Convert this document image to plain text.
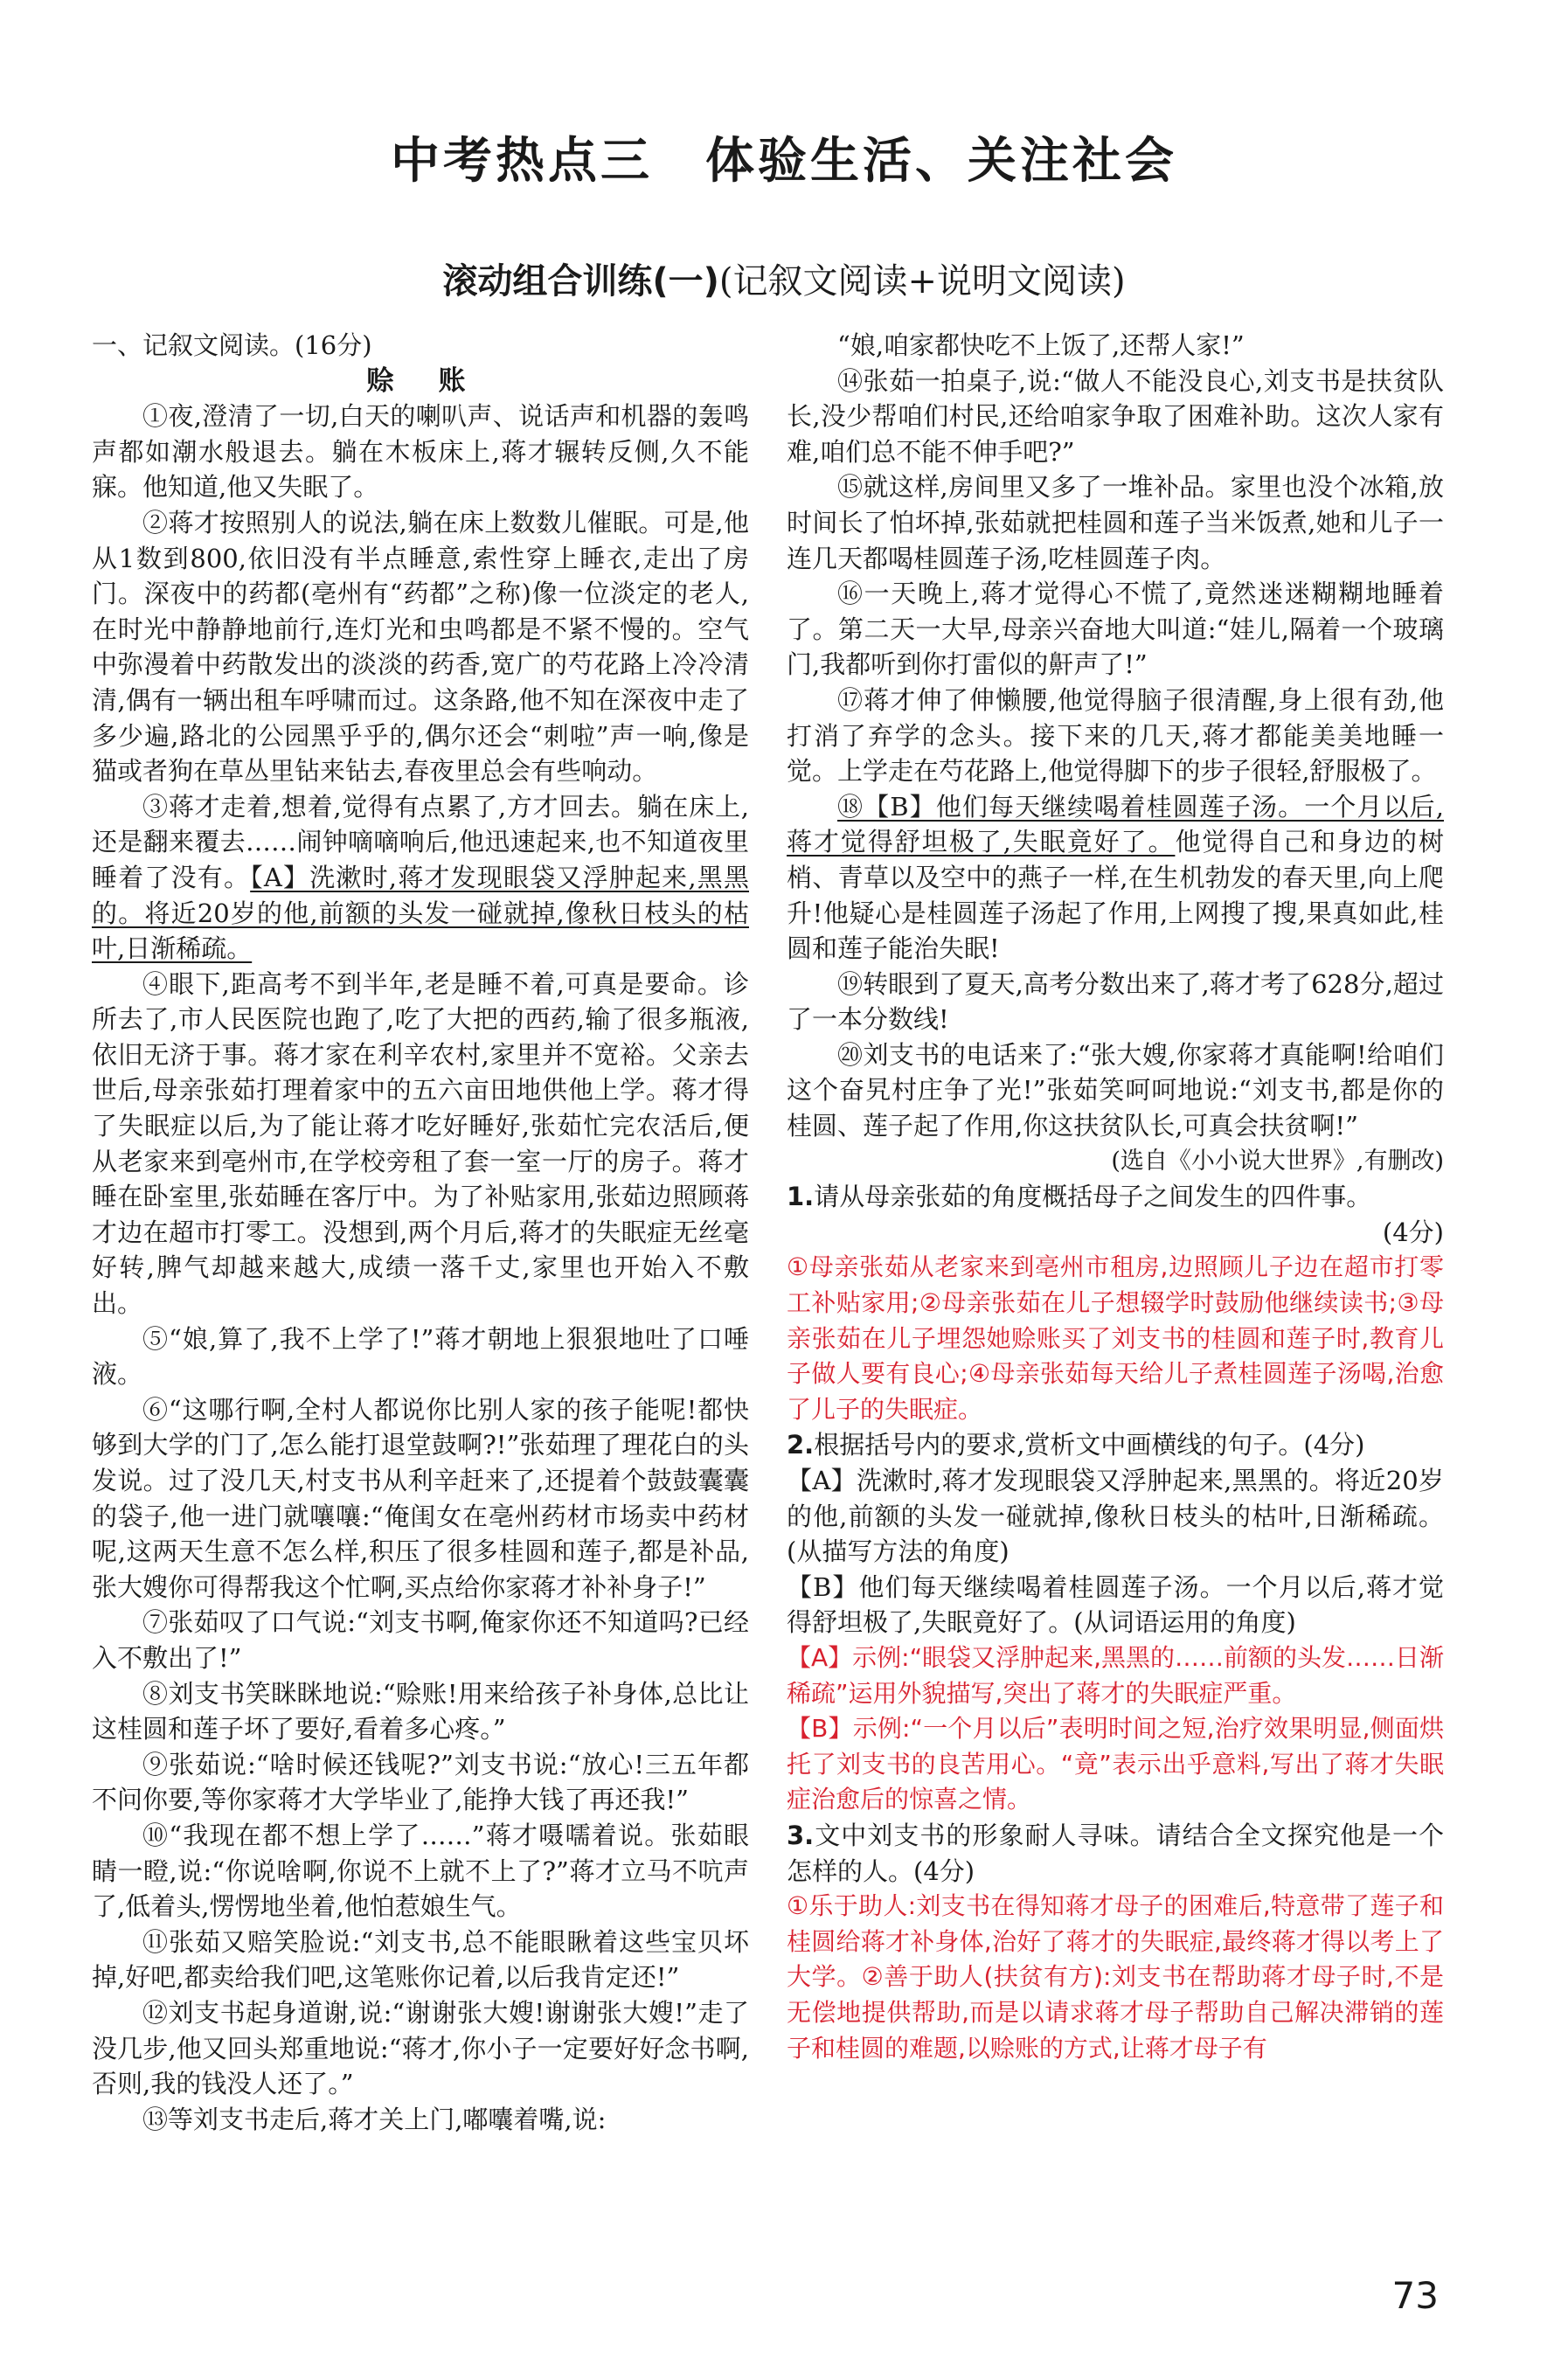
中考热点三　体验生活、关注社会

滚动组合训练(一)(记叙文阅读+说明文阅读)

一、记叙文阅读。(16分)

赊　账

①夜,澄清了一切,白天的喇叭声、说话声和机器的轰鸣声都如潮水般退去。躺在木板床上,蒋才辗转反侧,久不能寐。他知道,他又失眠了。

②蒋才按照别人的说法,躺在床上数数儿催眠。可是,他从1数到800,依旧没有半点睡意,索性穿上睡衣,走出了房门。深夜中的药都(亳州有“药都”之称)像一位淡定的老人,在时光中静静地前行,连灯光和虫鸣都是不紧不慢的。空气中弥漫着中药散发出的淡淡的药香,宽广的芍花路上冷冷清清,偶有一辆出租车呼啸而过。这条路,他不知在深夜中走了多少遍,路北的公园黑乎乎的,偶尔还会“刺啦”声一响,像是猫或者狗在草丛里钻来钻去,春夜里总会有些响动。

③蒋才走着,想着,觉得有点累了,方才回去。躺在床上,还是翻来覆去……闹钟嘀嘀响后,他迅速起来,也不知道夜里睡着了没有。【A】洗漱时,蒋才发现眼袋又浮肿起来,黑黑的。将近20岁的他,前额的头发一碰就掉,像秋日枝头的枯叶,日渐稀疏。

④眼下,距高考不到半年,老是睡不着,可真是要命。诊所去了,市人民医院也跑了,吃了大把的西药,输了很多瓶液,依旧无济于事。蒋才家在利辛农村,家里并不宽裕。父亲去世后,母亲张茹打理着家中的五六亩田地供他上学。蒋才得了失眠症以后,为了能让蒋才吃好睡好,张茹忙完农活后,便从老家来到亳州市,在学校旁租了套一室一厅的房子。蒋才睡在卧室里,张茹睡在客厅中。为了补贴家用,张茹边照顾蒋才边在超市打零工。没想到,两个月后,蒋才的失眠症无丝毫好转,脾气却越来越大,成绩一落千丈,家里也开始入不敷出。

⑤“娘,算了,我不上学了!”蒋才朝地上狠狠地吐了口唾液。

⑥“这哪行啊,全村人都说你比别人家的孩子能呢!都快够到大学的门了,怎么能打退堂鼓啊?!”张茹理了理花白的头发说。过了没几天,村支书从利辛赶来了,还提着个鼓鼓囊囊的袋子,他一进门就嚷嚷:“俺闺女在亳州药材市场卖中药材呢,这两天生意不怎么样,积压了很多桂圆和莲子,都是补品,张大嫂你可得帮我这个忙啊,买点给你家蒋才补补身子!”

⑦张茹叹了口气说:“刘支书啊,俺家你还不知道吗?已经入不敷出了!”

⑧刘支书笑眯眯地说:“赊账!用来给孩子补身体,总比让这桂圆和莲子坏了要好,看着多心疼。”

⑨张茹说:“啥时候还钱呢?”刘支书说:“放心!三五年都不问你要,等你家蒋才大学毕业了,能挣大钱了再还我!”

⑩“我现在都不想上学了……”蒋才嗫嚅着说。张茹眼睛一瞪,说:“你说啥啊,你说不上就不上了?”蒋才立马不吭声了,低着头,愣愣地坐着,他怕惹娘生气。

⑪张茹又赔笑脸说:“刘支书,总不能眼瞅着这些宝贝坏掉,好吧,都卖给我们吧,这笔账你记着,以后我肯定还!”

⑫刘支书起身道谢,说:“谢谢张大嫂!谢谢张大嫂!”走了没几步,他又回头郑重地说:“蒋才,你小子一定要好好念书啊,否则,我的钱没人还了。”

⑬等刘支书走后,蒋才关上门,嘟囔着嘴,说:

“娘,咱家都快吃不上饭了,还帮人家!”

⑭张茹一拍桌子,说:“做人不能没良心,刘支书是扶贫队长,没少帮咱们村民,还给咱家争取了困难补助。这次人家有难,咱们总不能不伸手吧?”

⑮就这样,房间里又多了一堆补品。家里也没个冰箱,放时间长了怕坏掉,张茹就把桂圆和莲子当米饭煮,她和儿子一连几天都喝桂圆莲子汤,吃桂圆莲子肉。

⑯一天晚上,蒋才觉得心不慌了,竟然迷迷糊糊地睡着了。第二天一大早,母亲兴奋地大叫道:“娃儿,隔着一个玻璃门,我都听到你打雷似的鼾声了!”

⑰蒋才伸了伸懒腰,他觉得脑子很清醒,身上很有劲,他打消了弃学的念头。接下来的几天,蒋才都能美美地睡一觉。上学走在芍花路上,他觉得脚下的步子很轻,舒服极了。

⑱【B】他们每天继续喝着桂圆莲子汤。一个月以后,蒋才觉得舒坦极了,失眠竟好了。他觉得自己和身边的树梢、青草以及空中的燕子一样,在生机勃发的春天里,向上爬升!他疑心是桂圆莲子汤起了作用,上网搜了搜,果真如此,桂圆和莲子能治失眠!

⑲转眼到了夏天,高考分数出来了,蒋才考了628分,超过了一本分数线!

⑳刘支书的电话来了:“张大嫂,你家蒋才真能啊!给咱们这个奋旯村庄争了光!”张茹笑呵呵地说:“刘支书,都是你的桂圆、莲子起了作用,你这扶贫队长,可真会扶贫啊!”

(选自《小小说大世界》,有删改)

1.请从母亲张茹的角度概括母子之间发生的四件事。

(4分)

①母亲张茹从老家来到亳州市租房,边照顾儿子边在超市打零工补贴家用;②母亲张茹在儿子想辍学时鼓励他继续读书;③母亲张茹在儿子埋怨她赊账买了刘支书的桂圆和莲子时,教育儿子做人要有良心;④母亲张茹每天给儿子煮桂圆莲子汤喝,治愈了儿子的失眠症。

2.根据括号内的要求,赏析文中画横线的句子。(4分)

【A】洗漱时,蒋才发现眼袋又浮肿起来,黑黑的。将近20岁的他,前额的头发一碰就掉,像秋日枝头的枯叶,日渐稀疏。(从描写方法的角度)

【B】他们每天继续喝着桂圆莲子汤。一个月以后,蒋才觉得舒坦极了,失眠竟好了。(从词语运用的角度)

【A】示例:“眼袋又浮肿起来,黑黑的……前额的头发……日渐稀疏”运用外貌描写,突出了蒋才的失眠症严重。

【B】示例:“一个月以后”表明时间之短,治疗效果明显,侧面烘托了刘支书的良苦用心。“竟”表示出乎意料,写出了蒋才失眠症治愈后的惊喜之情。

3.文中刘支书的形象耐人寻味。请结合全文探究他是一个怎样的人。(4分)

①乐于助人:刘支书在得知蒋才母子的困难后,特意带了莲子和桂圆给蒋才补身体,治好了蒋才的失眠症,最终蒋才得以考上了大学。②善于助人(扶贫有方):刘支书在帮助蒋才母子时,不是无偿地提供帮助,而是以请求蒋才母子帮助自己解决滞销的莲子和桂圆的难题,以赊账的方式,让蒋才母子有

73
